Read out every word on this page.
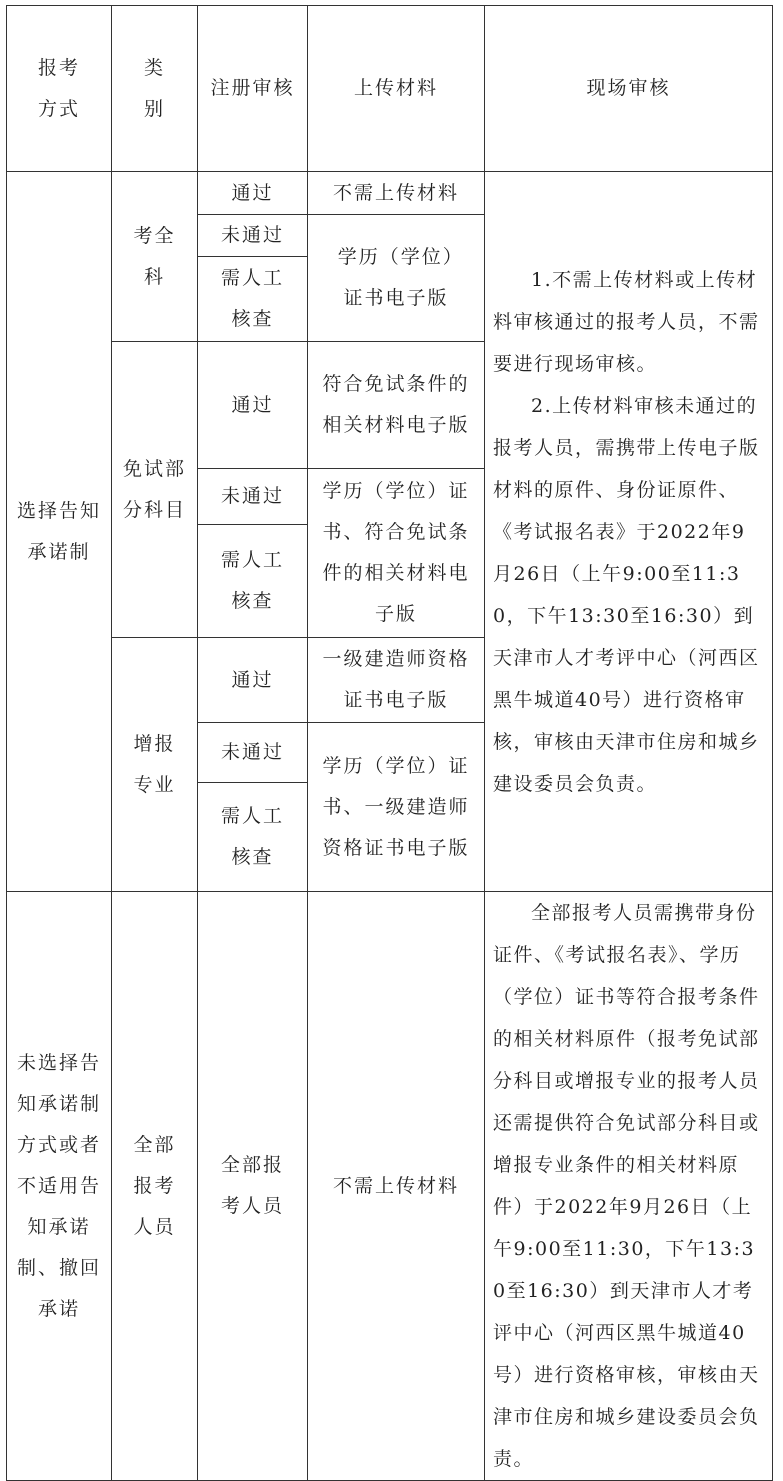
报考方式	类别	注册审核	上传材料	现场审核
选择告知承诺制	考全科	通过	不需上传材料	1.不需上传材料或上传材料审核通过的报考人员，不需要进行现场审核。
2.上传材料审核未通过的报考人员，需携带上传电子版材料的原件、身份证原件、《考试报名表》于2022年9月26日（上午9:00至11:30，下午13:30至16:30）到天津市人才考评中心（河西区黑牛城道40号）进行资格审核，审核由天津市住房和城乡建设委员会负责。

		未通过	学历（学位）证书电子版	
		需人工核查		
	免试部分科目	通过	符合免试条件的相关材料电子版	
		未通过	学历（学位）证书、符合免试条件的相关材料电子版	
		需人工核查		
	增报专业	通过	一级建造师资格证书电子版	
		未通过	学历（学位）证书、一级建造师资格证书电子版	
		需人工核查		
未选择告知承诺制方式或者不适用告知承诺制、撤回承诺	全部报考人员	全部报考人员	不需上传材料	全部报考人员需携带身份证件、《考试报名表》、学历（学位）证书等符合报考条件的相关材料原件（报考免试部分科目或增报专业的报考人员还需提供符合免试部分科目或增报专业条件的相关材料原件）于2022年9月26日（上午9:00至11:30，下午13:30至16:30）到天津市人才考评中心（河西区黑牛城道40号）进行资格审核，审核由天津市住房和城乡建设委员会负责。
